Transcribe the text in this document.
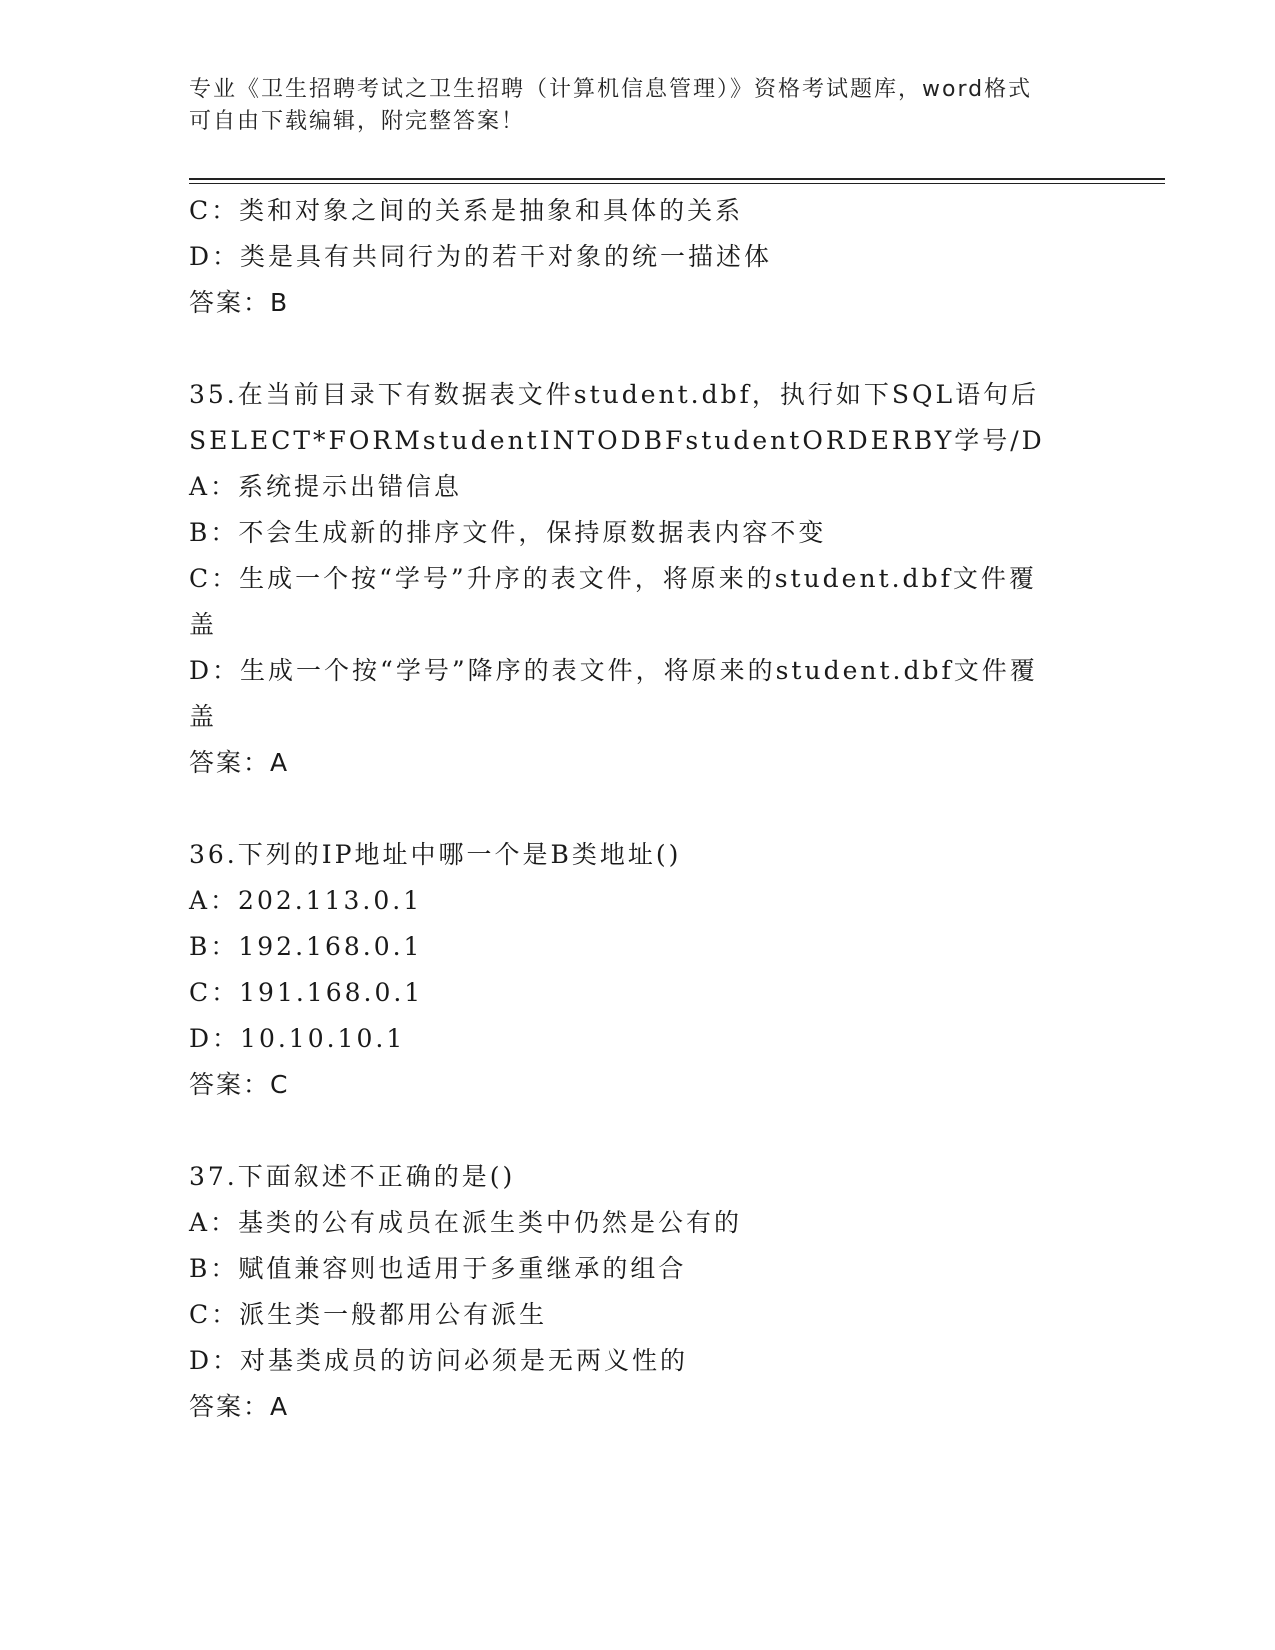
专业《卫生招聘考试之卫生招聘（计算机信息管理）》资格考试题库，word格式
可自由下载编辑，附完整答案！
C：类和对象之间的关系是抽象和具体的关系
D：类是具有共同行为的若干对象的统一描述体
答案：B
35.在当前目录下有数据表文件student.dbf，执行如下SQL语句后
SELECT*FORMstudentINTODBFstudentORDERBY学号/D
A：系统提示出错信息
B：不会生成新的排序文件，保持原数据表内容不变
C：生成一个按“学号”升序的表文件，将原来的student.dbf文件覆
盖
D：生成一个按“学号”降序的表文件，将原来的student.dbf文件覆
盖
答案：A
36.下列的IP地址中哪一个是B类地址()
A：202.113.0.1
B：192.168.0.1
C：191.168.0.1
D：10.10.10.1
答案：C
37.下面叙述不正确的是()
A：基类的公有成员在派生类中仍然是公有的
B：赋值兼容则也适用于多重继承的组合
C：派生类一般都用公有派生
D：对基类成员的访问必须是无两义性的
答案：A
